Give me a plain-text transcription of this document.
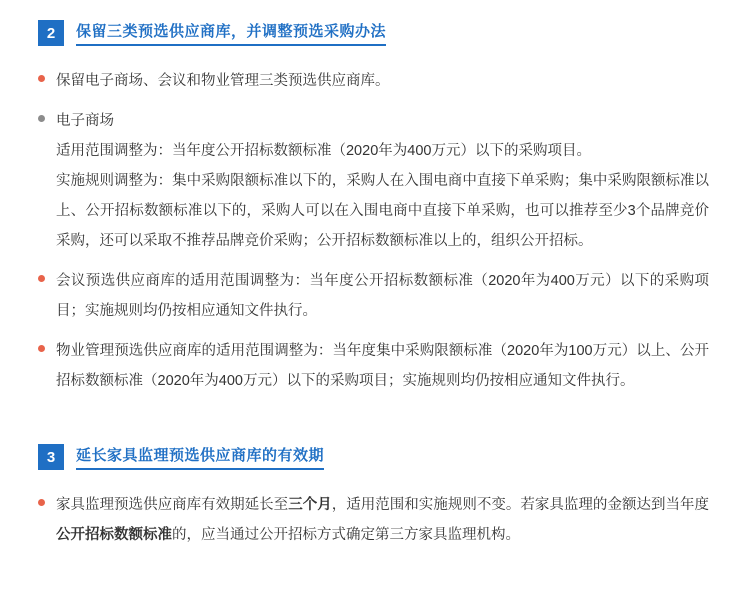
2	保留三类预选供应商库，并调整预选采购办法
保留电子商场、会议和物业管理三类预选供应商库。
电子商场
适用范围调整为：当年度公开招标数额标准（2020年为400万元）以下的采购项目。
实施规则调整为：集中采购限额标准以下的，采购人在入围电商中直接下单采购；集中采购限额标准以上、公开招标数额标准以下的，采购人可以在入围电商中直接下单采购，也可以推荐至少3个品牌竞价采购，还可以采取不推荐品牌竞价采购；公开招标数额标准以上的，组织公开招标。
会议预选供应商库的适用范围调整为：当年度公开招标数额标准（2020年为400万元）以下的采购项目；实施规则均仍按相应通知文件执行。
物业管理预选供应商库的适用范围调整为：当年度集中采购限额标准（2020年为100万元）以上、公开招标数额标准（2020年为400万元）以下的采购项目；实施规则均仍按相应通知文件执行。
3	延长家具监理预选供应商库的有效期
家具监理预选供应商库有效期延长至三个月，适用范围和实施规则不变。若家具监理的金额达到当年度公开招标数额标准的，应当通过公开招标方式确定第三方家具监理机构。
